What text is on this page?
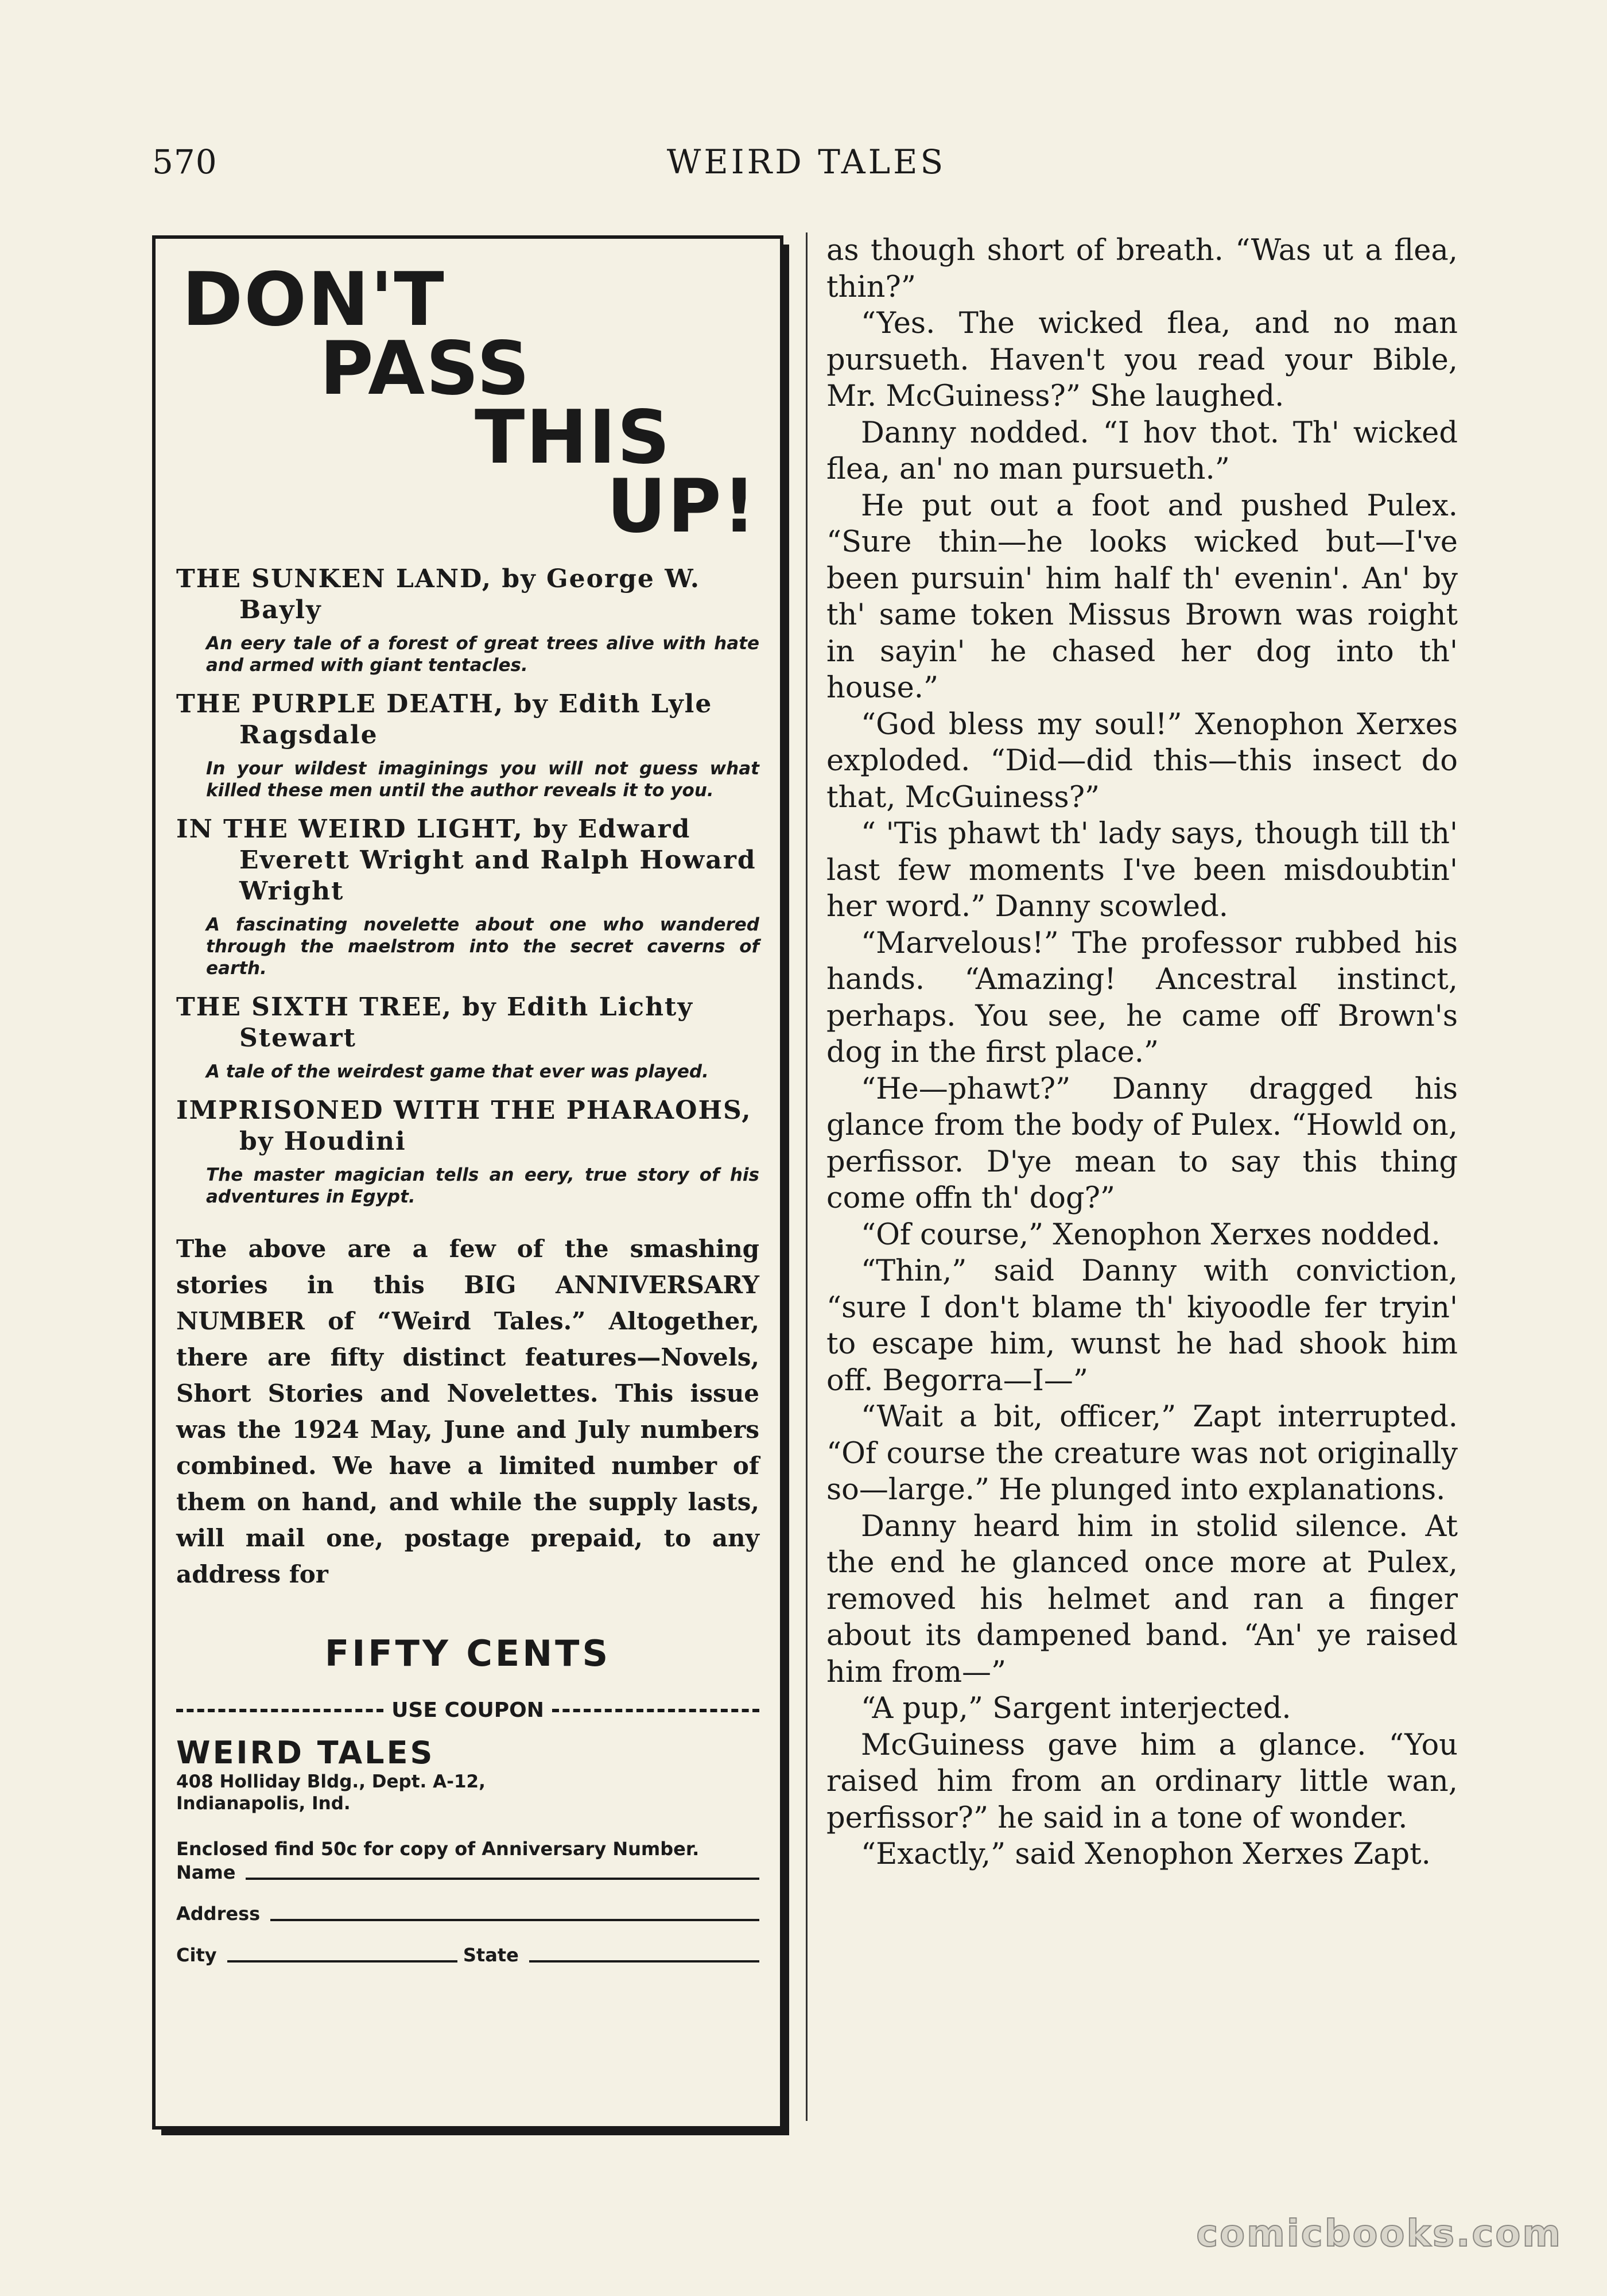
570	WEIRD TALES
DON'T
PASS
THIS
UP!
THE SUNKEN LAND, by George W. Bayly
An eery tale of a forest of great trees alive with hate and armed with giant tentacles.
THE PURPLE DEATH, by Edith Lyle Ragsdale
In your wildest imaginings you will not guess what killed these men until the author reveals it to you.
IN THE WEIRD LIGHT, by Edward Everett Wright and Ralph Howard Wright
A fascinating novelette about one who wandered through the maelstrom into the secret caverns of earth.
THE SIXTH TREE, by Edith Lichty Stewart
A tale of the weirdest game that ever was played.
IMPRISONED WITH THE PHARAOHS, by Houdini
The master magician tells an eery, true story of his adventures in Egypt.
The above are a few of the smashing stories in this BIG ANNIVERSARY NUMBER of “Weird Tales.” Altogether, there are fifty distinct features—Novels, Short Stories and Novelettes. This issue was the 1924 May, June and July numbers combined. We have a limited number of them on hand, and while the supply lasts, will mail one, postage prepaid, to any address for
FIFTY CENTS
USE COUPON
WEIRD TALES
408 Holliday Bldg., Dept. A-12,
Indianapolis, Ind.
Enclosed find 50c for copy of Anniversary Number.
Name
Address
City	State

as though short of breath. “Was ut a flea, thin?”

“Yes. The wicked flea, and no man pursueth. Haven't you read your Bible, Mr. McGuiness?” She laughed.

Danny nodded. “I hov thot. Th' wicked flea, an' no man pursueth.”

He put out a foot and pushed Pulex. “Sure thin—he looks wicked but—I've been pursuin' him half th' evenin'. An' by th' same token Missus Brown was roight in sayin' he chased her dog into th' house.”

“God bless my soul!” Xenophon Xerxes exploded. “Did—did this—this insect do that, McGuiness?”

“ 'Tis phawt th' lady says, though till th' last few moments I've been misdoubtin' her word.” Danny scowled.

“Marvelous!” The professor rubbed his hands. “Amazing! Ancestral instinct, perhaps. You see, he came off Brown's dog in the first place.”

“He—phawt?” Danny dragged his glance from the body of Pulex. “Howld on, perfissor. D'ye mean to say this thing come offn th' dog?”

“Of course,” Xenophon Xerxes nodded.

“Thin,” said Danny with conviction, “sure I don't blame th' kiyoodle fer tryin' to escape him, wunst he had shook him off. Begorra—I—”

“Wait a bit, officer,” Zapt interrupted. “Of course the creature was not originally so—large.” He plunged into explanations.

Danny heard him in stolid silence. At the end he glanced once more at Pulex, removed his helmet and ran a finger about its dampened band. “An' ye raised him from—”

“A pup,” Sargent interjected.

McGuiness gave him a glance. “You raised him from an ordinary little wan, perfissor?” he said in a tone of wonder.

“Exactly,” said Xenophon Xerxes Zapt.

comicbooks.com
